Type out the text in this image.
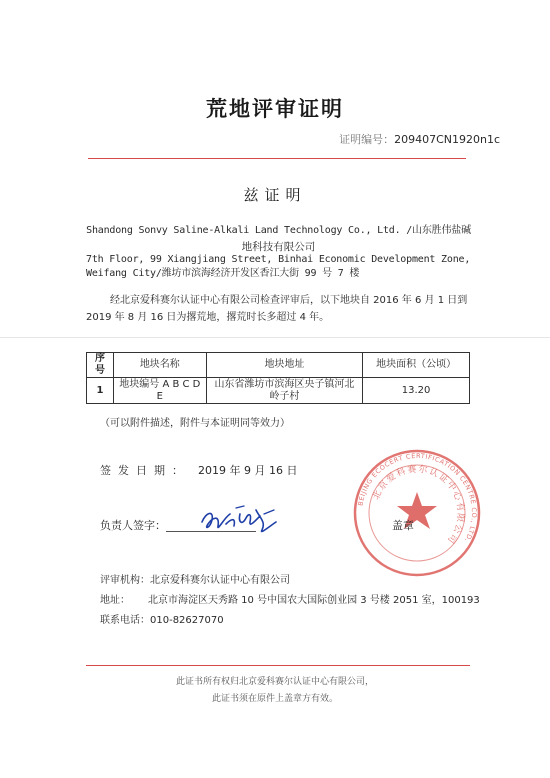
荒地评审证明
证明编号：209407CN1920n1c
兹证明
Shandong Sonvy Saline-Alkali Land Technology Co., Ltd. /山东胜伟盐碱
地科技有限公司
7th Floor, 99 Xiangjiang Street, Binhai Economic Development Zone,
Weifang City/潍坊市滨海经济开发区香江大街 99 号 7 楼
经北京爱科赛尔认证中心有限公司检查评审后，以下地块自 2016 年 6 月 1 日到 2019 年 8 月 16 日为撂荒地，撂荒时长多超过 4 年。
序号	地块名称	地块地址	地块面积（公顷）
1	地块编号 A B C D E	山东省潍坊市滨海区央子镇河北岭子村	13.20
（可以附件描述，附件与本证明同等效力）
签发日期： 2019 年 9 月 16 日
负责人签字：
BEIJING ECOCERT CERTIFICATION CENTRE CO., LTD.
北京爱科赛尔认证中心有限公司
盖章
评审机构：北京爱科赛尔认证中心有限公司
地址： 北京市海淀区天秀路 10 号中国农大国际创业园 3 号楼 2051 室，100193
联系电话：010-82627070
此证书所有权归北京爱科赛尔认证中心有限公司，
此证书须在原件上盖章方有效。
